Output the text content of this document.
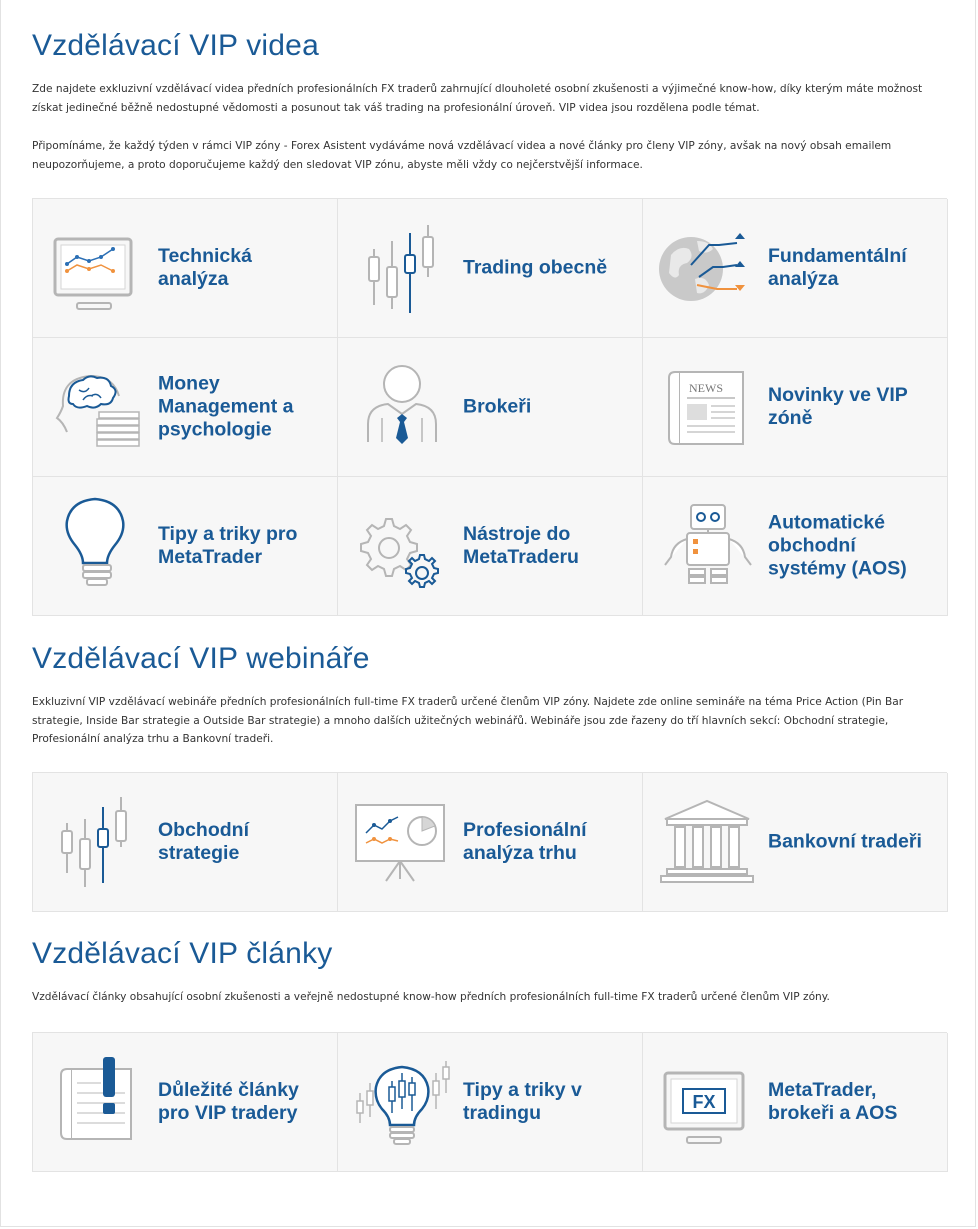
Vzdělávací VIP videa

Zde najdete exkluzivní vzdělávací videa předních profesionálních FX traderů zahrnující dlouholeté osobní zkušenosti a výjimečné know-how, díky kterým máte možnost získat jedinečné běžně nedostupné vědomosti a posunout tak váš trading na profesionální úroveň. VIP videa jsou rozdělena podle témat.

Připomínáme, že každý týden v rámci VIP zóny - Forex Asistent vydáváme nová vzdělávací videa a nové články pro členy VIP zóny, avšak na nový obsah emailem neupozorňujeme, a proto doporučujeme každý den sledovat VIP zónu, abyste měli vždy co nejčerstvější informace.

Technická analýza
Trading obecně
Fundamentální analýza
Money Management a psychologie
Brokeři
NEWS Novinky ve VIP zóně
Tipy a triky pro MetaTrader
Nástroje do MetaTraderu
Automatické obchodní systémy (AOS)
Vzdělávací VIP webináře

Exkluzivní VIP vzdělávací webináře předních profesionálních full-time FX traderů určené členům VIP zóny. Najdete zde online semináře na téma Price Action (Pin Bar strategie, Inside Bar strategie a Outside Bar strategie) a mnoho dalších užitečných webinářů. Webináře jsou zde řazeny do tří hlavních sekcí: Obchodní strategie, Profesionální analýza trhu a Bankovní tradeři.

Obchodní strategie
Profesionální analýza trhu
Bankovní tradeři
Vzdělávací VIP články

Vzdělávací články obsahující osobní zkušenosti a veřejně nedostupné know-how předních profesionálních full-time FX traderů určené členům VIP zóny.

Důležité články pro VIP tradery
Tipy a triky v tradingu	FX
MetaTrader, brokeři a AOS
